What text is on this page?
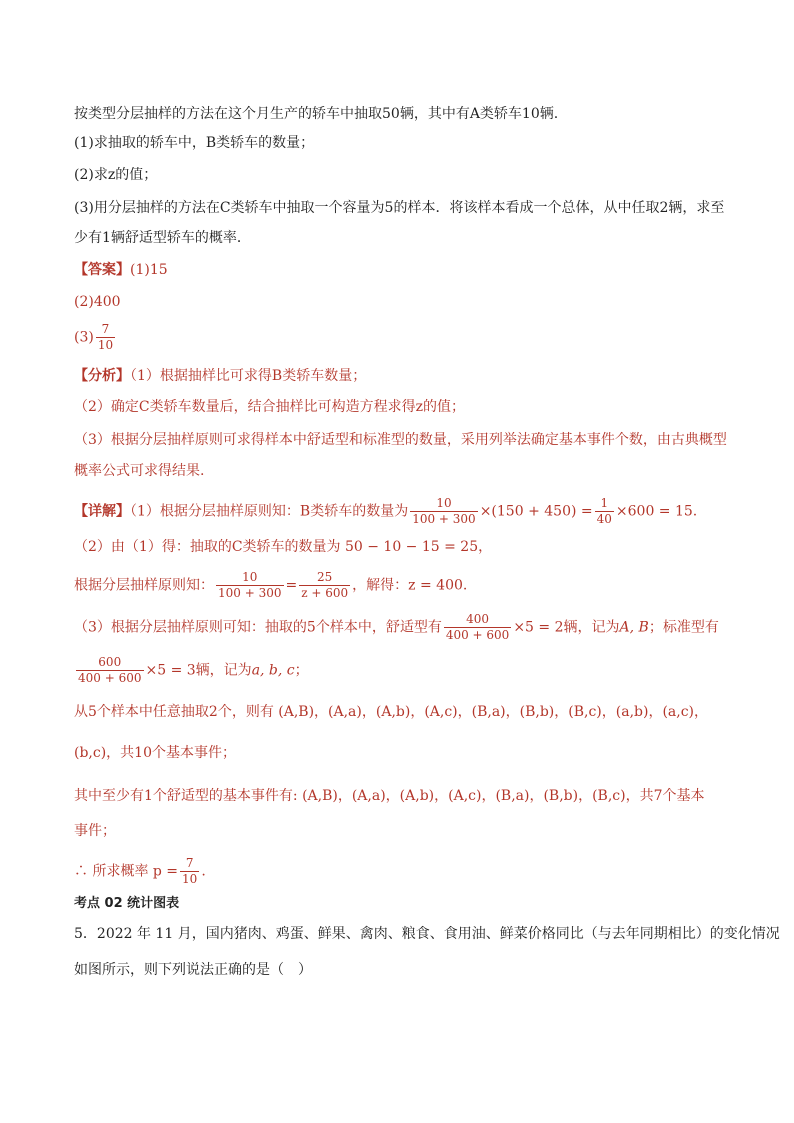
按类型分层抽样的方法在这个月生产的轿车中抽取50辆，其中有A类轿车10辆.
(1)求抽取的轿车中，B类轿车的数量；
(2)求z的值；
(3)用分层抽样的方法在C类轿车中抽取一个容量为5的样本．将该样本看成一个总体，从中任取2辆，求至
少有1辆舒适型轿车的概率．
【答案】(1)15
(2)400
$(3) \frac{7}{10}$
【分析】（1）根据抽样比可求得B类轿车数量；
（2）确定C类轿车数量后，结合抽样比可构造方程求得z的值；
（3）根据分层抽样原则可求得样本中舒适型和标准型的数量，采用列举法确定基本事件个数，由古典概型
概率公式可求得结果.
【详解】（1）根据分层抽样原则知：B类轿车的数量为 $\frac{10}{100 + 300} \times(150 + 450) = \frac{1}{40} \times 600 = 15$.
（2）由（1）得：抽取的C类轿车的数量为 50 − 10 − 15 = 25，
根据分层抽样原则知： $\frac{10}{100 + 300} = \frac{25}{z + 600}$ ，解得：z = 400.
（3）根据分层抽样原则可知：抽取的5个样本中，舒适型有 $\frac{400}{400 + 600} \times 5 = 2$辆，记为A, B；标准型有
$\frac{600}{400 + 600} \times 5 = 3$辆，记为a, b, c；
从5个样本中任意抽取2个，则有 (A,B)，(A,a)，(A,b)，(A,c)，(B,a)，(B,b)，(B,c)，(a,b)，(a,c)，
(b,c)，共10个基本事件；
其中至少有1个舒适型的基本事件有: (A,B)，(A,a)，(A,b)，(A,c)，(B,a)，(B,b)，(B,c)，共7个基本
事件；
∴ 所求概率 $p = \frac{7}{10}$ .
考点 02 统计图表
5．2022 年 11 月，国内猪肉、鸡蛋、鲜果、禽肉、粮食、食用油、鲜菜价格同比（与去年同期相比）的变化情况
如图所示，则下列说法正确的是（　）
